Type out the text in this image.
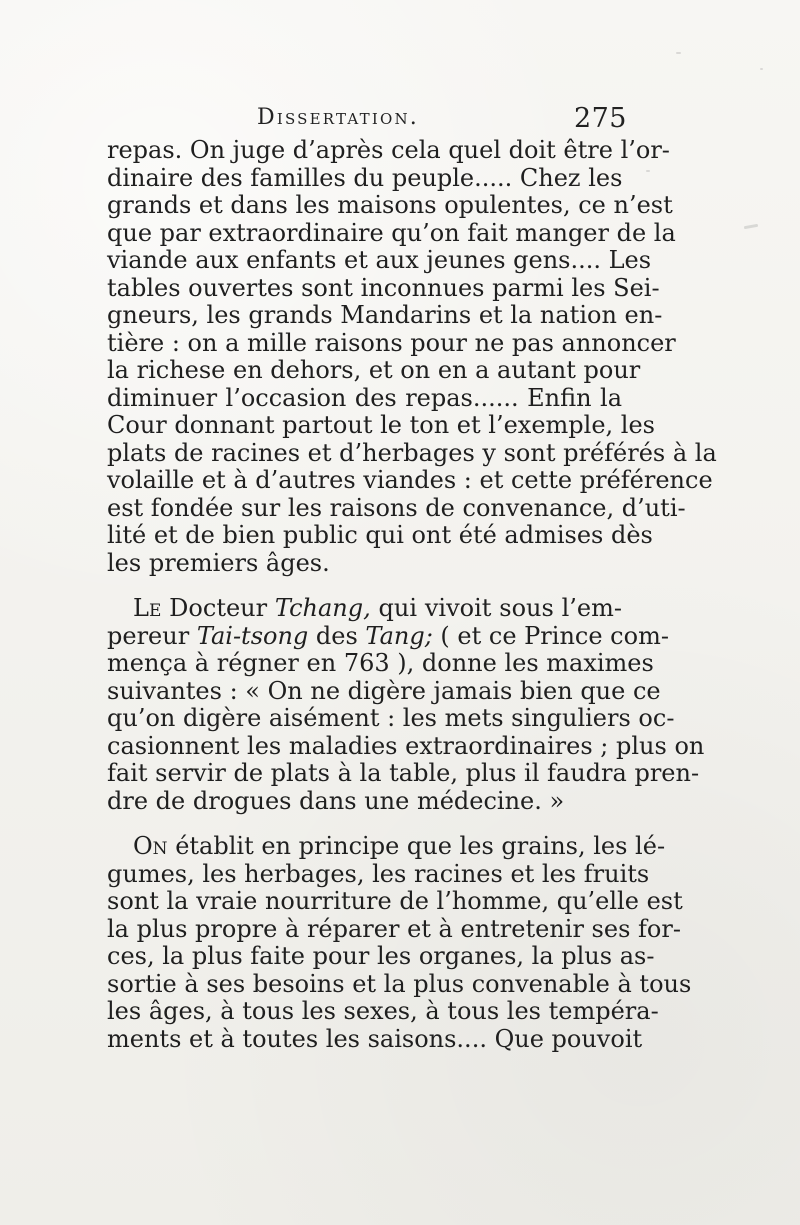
Dissertation.	275
repas. On juge d’après cela quel doit être l’or-
dinaire des familles du peuple..... Chez les
grands et dans les maisons opulentes, ce n’est
que par extraordinaire qu’on fait manger de la
viande aux enfants et aux jeunes gens.... Les
tables ouvertes sont inconnues parmi les Sei-
gneurs, les grands Mandarins et la nation en-
tière : on a mille raisons pour ne pas annoncer
la richese en dehors, et on en a autant pour
diminuer l’occasion des repas...... Enfin la
Cour donnant partout le ton et l’exemple, les
plats de racines et d’herbages y sont préférés à la
volaille et à d’autres viandes : et cette préférence
est fondée sur les raisons de convenance, d’uti-
lité et de bien public qui ont été admises dès
les premiers âges.
Le Docteur Tchang, qui vivoit sous l’em-
pereur Tai-tsong des Tang; ( et ce Prince com-
mença à régner en 763 ), donne les maximes
suivantes : « On ne digère jamais bien que ce
qu’on digère aisément : les mets singuliers oc-
casionnent les maladies extraordinaires ; plus on
fait servir de plats à la table, plus il faudra pren-
dre de drogues dans une médecine. »
On établit en principe que les grains, les lé-
gumes, les herbages, les racines et les fruits
sont la vraie nourriture de l’homme, qu’elle est
la plus propre à réparer et à entretenir ses for-
ces, la plus faite pour les organes, la plus as-
sortie à ses besoins et la plus convenable à tous
les âges, à tous les sexes, à tous les tempéra-
ments et à toutes les saisons.... Que pouvoit
